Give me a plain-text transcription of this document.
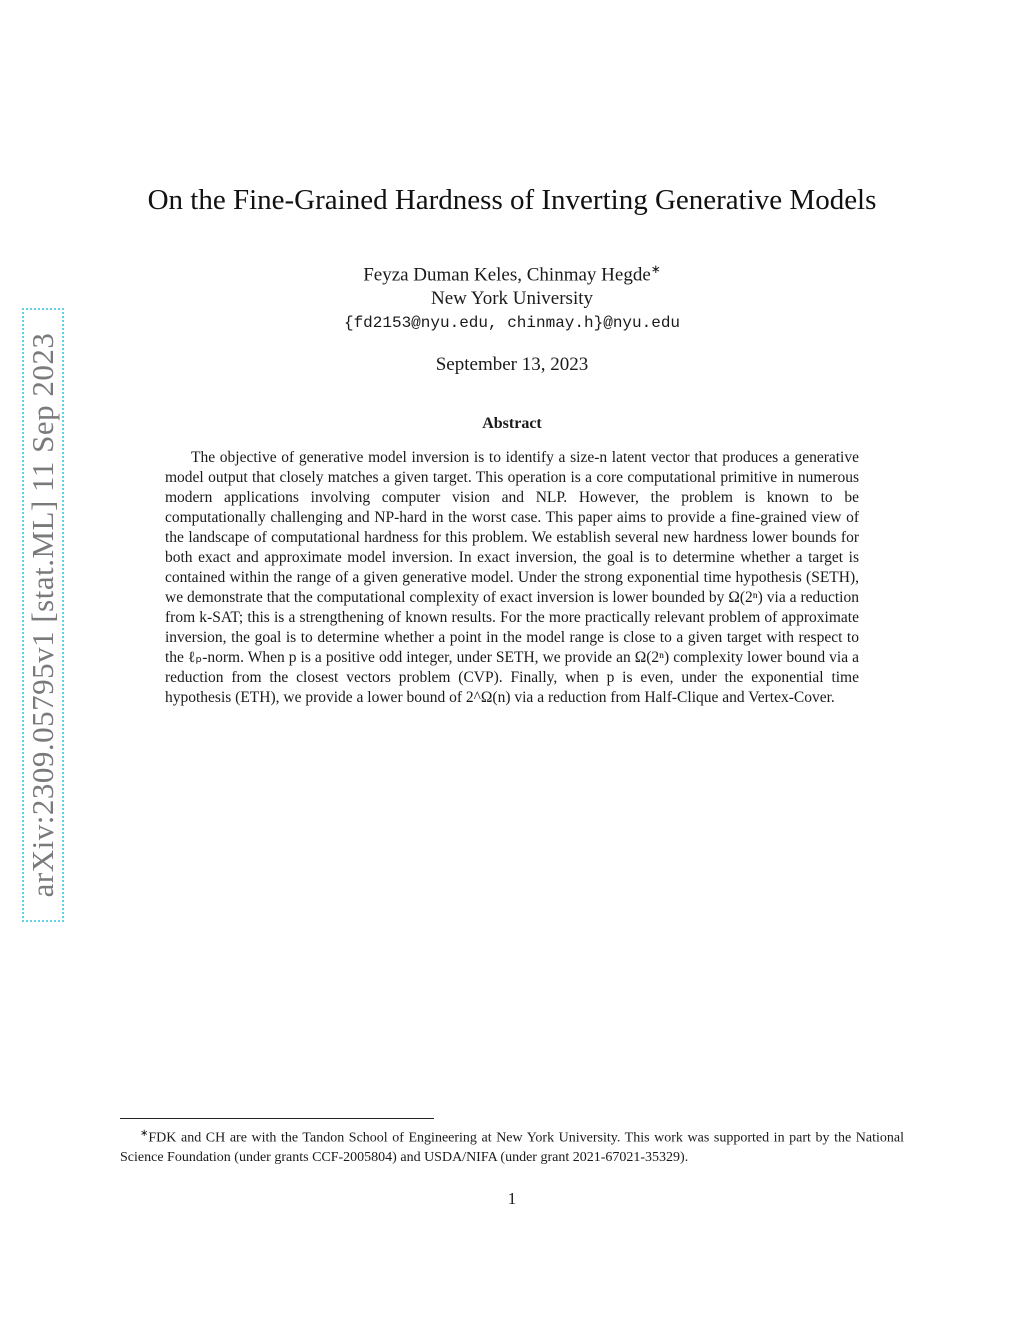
arXiv:2309.05795v1 [stat.ML] 11 Sep 2023
On the Fine-Grained Hardness of Inverting Generative Models
Feyza Duman Keles, Chinmay Hegde∗
New York University
{fd2153@nyu.edu, chinmay.h}@nyu.edu
September 13, 2023
Abstract

The objective of generative model inversion is to identify a size-n latent vector that produces a generative model output that closely matches a given target. This operation is a core computational primitive in numerous modern applications involving computer vision and NLP. However, the problem is known to be computationally challenging and NP-hard in the worst case. This paper aims to provide a fine-grained view of the landscape of computational hardness for this problem. We establish several new hardness lower bounds for both exact and approximate model inversion. In exact inversion, the goal is to determine whether a target is contained within the range of a given generative model. Under the strong exponential time hypothesis (SETH), we demonstrate that the computational complexity of exact inversion is lower bounded by Ω(2ⁿ) via a reduction from k-SAT; this is a strengthening of known results. For the more practically relevant problem of approximate inversion, the goal is to determine whether a point in the model range is close to a given target with respect to the ℓₚ-norm. When p is a positive odd integer, under SETH, we provide an Ω(2ⁿ) complexity lower bound via a reduction from the closest vectors problem (CVP). Finally, when p is even, under the exponential time hypothesis (ETH), we provide a lower bound of 2^Ω(n) via a reduction from Half-Clique and Vertex-Cover.

∗FDK and CH are with the Tandon School of Engineering at New York University. This work was supported in part by the National Science Foundation (under grants CCF-2005804) and USDA/NIFA (under grant 2021-67021-35329).

1
